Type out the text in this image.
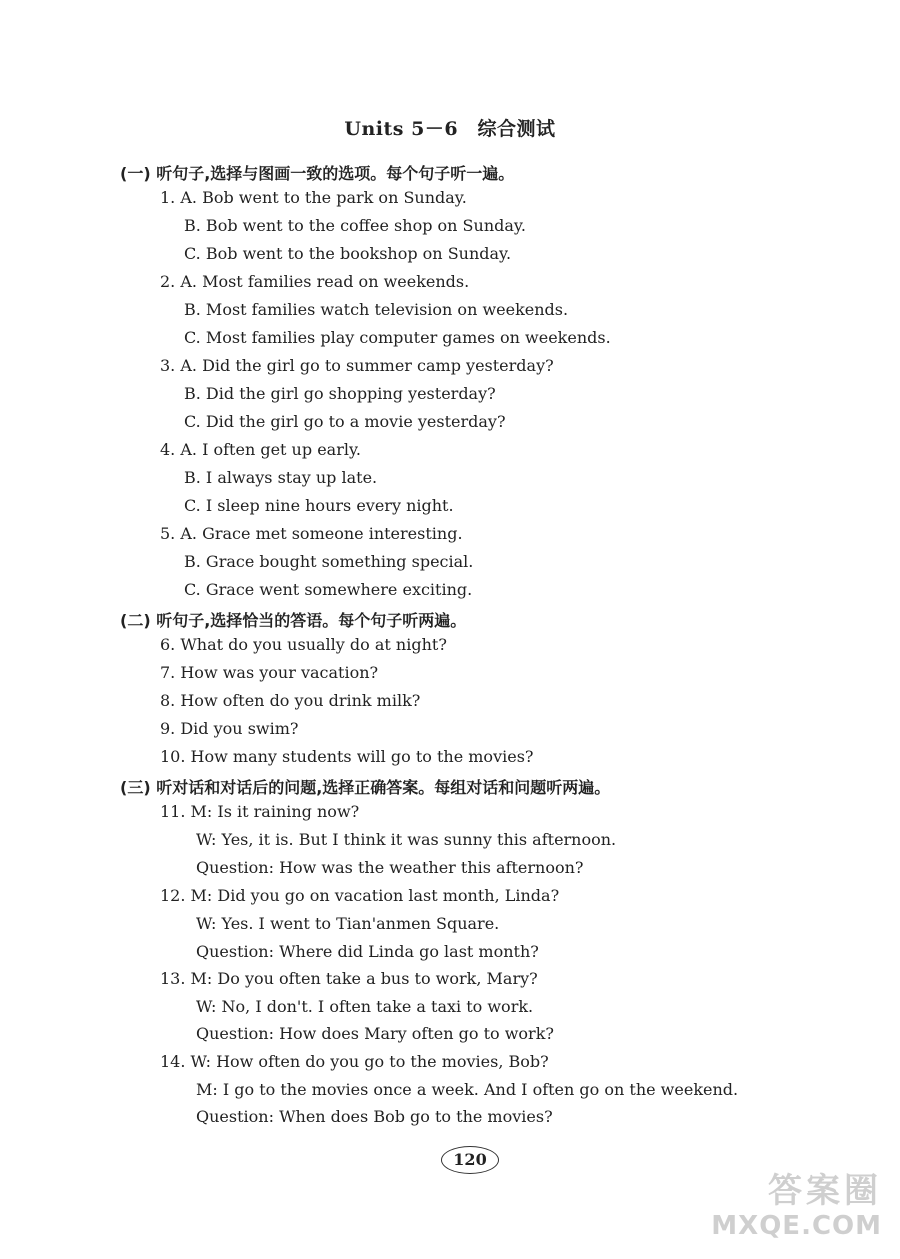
Units 5－6　综合测试
(一) 听句子,选择与图画一致的选项。每个句子听一遍。
1. A. Bob went to the park on Sunday.
B. Bob went to the coffee shop on Sunday.
C. Bob went to the bookshop on Sunday.
2. A. Most families read on weekends.
B. Most families watch television on weekends.
C. Most families play computer games on weekends.
3. A. Did the girl go to summer camp yesterday?
B. Did the girl go shopping yesterday?
C. Did the girl go to a movie yesterday?
4. A. I often get up early.
B. I always stay up late.
C. I sleep nine hours every night.
5. A. Grace met someone interesting.
B. Grace bought something special.
C. Grace went somewhere exciting.
(二) 听句子,选择恰当的答语。每个句子听两遍。
6. What do you usually do at night?
7. How was your vacation?
8. How often do you drink milk?
9. Did you swim?
10. How many students will go to the movies?
(三) 听对话和对话后的问题,选择正确答案。每组对话和问题听两遍。
11. M: Is it raining now?
W: Yes, it is. But I think it was sunny this afternoon.
Question: How was the weather this afternoon?
12. M: Did you go on vacation last month, Linda?
W: Yes. I went to Tian'anmen Square.
Question: Where did Linda go last month?
13. M: Do you often take a bus to work, Mary?
W: No, I don't. I often take a taxi to work.
Question: How does Mary often go to work?
14. W: How often do you go to the movies, Bob?
M: I go to the movies once a week. And I often go on the weekend.
Question: When does Bob go to the movies?
120
答案圈
MXQE.COM
